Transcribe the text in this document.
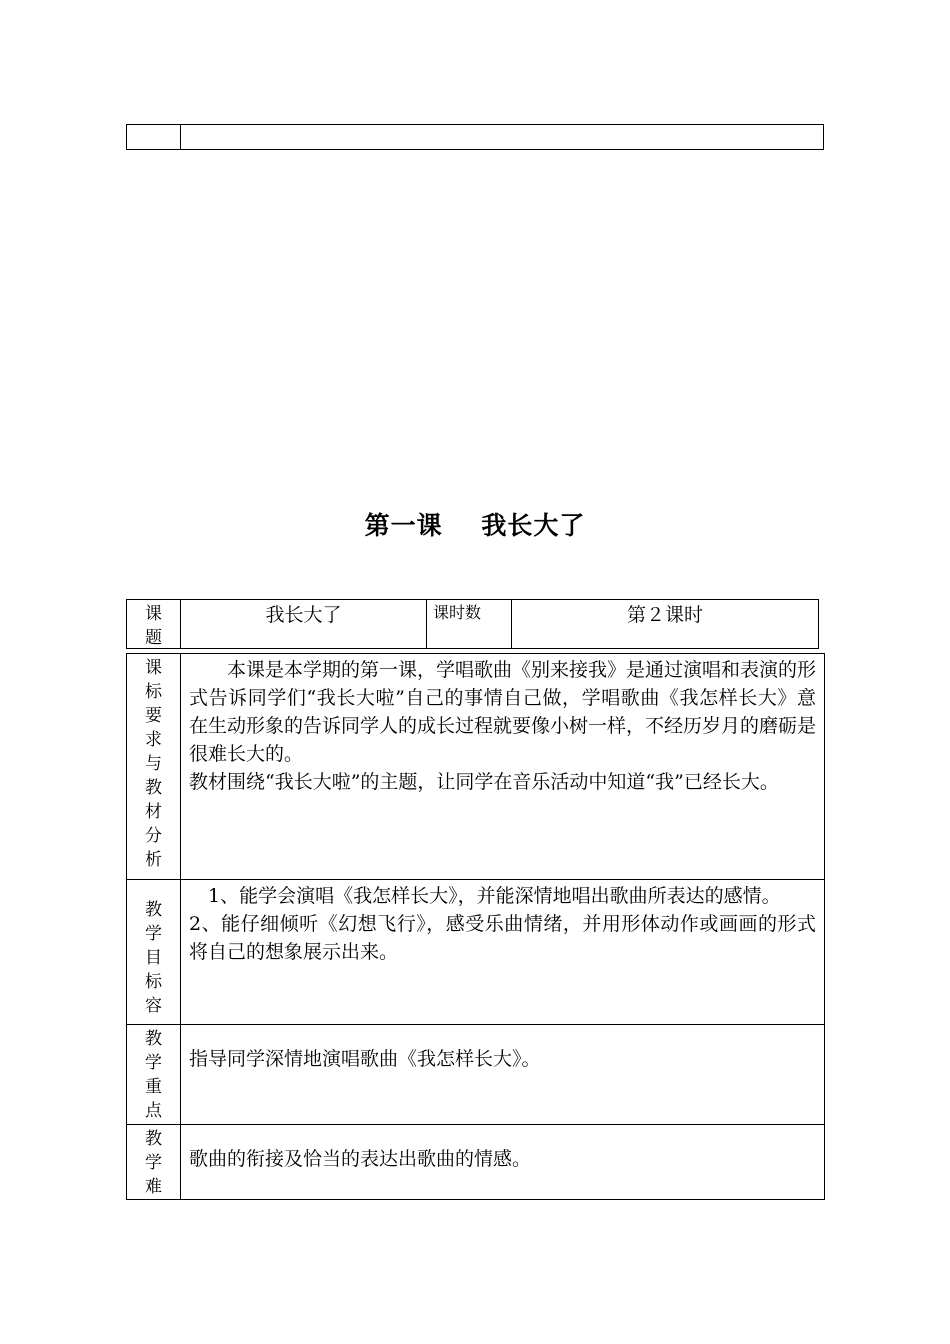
第一课    我长大了
课
题
我长大了	课时数	第２课时
课
标
要
求
与
教
材
分
析
　　本课是本学期的第一课，学唱歌曲《别来接我》是通过演唱和表演的形式告诉同学们“我长大啦”自己的事情自己做，学唱歌曲《我怎样长大》意在生动形象的告诉同学人的成长过程就要像小树一样，不经历岁月的磨砺是很难长大的。
教材围绕“我长大啦”的主题，让同学在音乐活动中知道“我”已经长大。
教
学
目
标
容
　1、能学会演唱《我怎样长大》，并能深情地唱出歌曲所表达的感情。
2、能仔细倾听《幻想飞行》，感受乐曲情绪，并用形体动作或画画的形式将自己的想象展示出来。
教
学
重
点
指导同学深情地演唱歌曲《我怎样长大》。
教
学
难
歌曲的衔接及恰当的表达出歌曲的情感。
